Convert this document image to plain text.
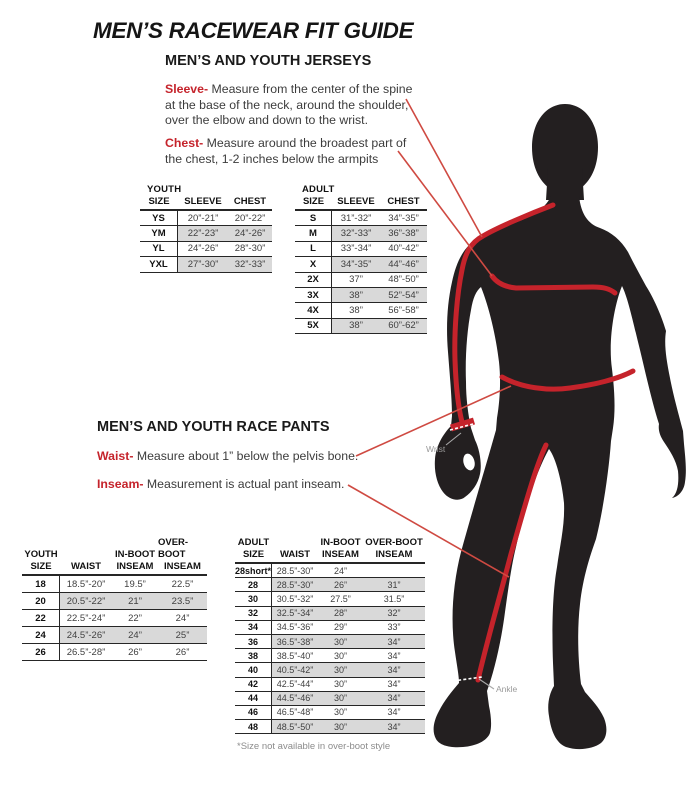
Wrist
Ankle
MEN’S RACEWEAR FIT GUIDE
MEN’S AND YOUTH JERSEYS

Sleeve- Measure from the center of the spine at the base of the neck, around the shoulder, over the elbow and down to the wrist.

Chest- Measure around the broadest part of the chest, 1-2 inches below the armpits

YOUTH
SIZE	SLEEVE	CHEST
YS	20”-21”	20”-22”
YM	22”-23”	24”-26”
YL	24”-26”	28”-30”
YXL	27”-30”	32”-33”
ADULT
SIZE	SLEEVE	CHEST
S	31”-32”	34”-35”
M	32”-33”	36”-38”
L	33”-34”	40”-42”
X	34”-35”	44”-46”
2X	37”	48”-50”
3X	38”	52”-54”
4X	38”	56”-58”
5X	38”	60”-62”
MEN’S AND YOUTH RACE PANTS

Waist- Measure about 1” below the pelvis bone.

Inseam- Measurement is actual pant inseam.

YOUTH
SIZE WAIST
IN-BOOT
INSEAM
OVER-BOOT
INSEAM
18	18.5”-20”	19.5”	22.5”
20	20.5”-22”	21”	23.5”
22	22.5”-24”	22”	24”
24	24.5”-26”	24”	25”
26	26.5”-28”	26”	26”
ADULT
SIZE WAIST
IN-BOOT
INSEAM
OVER-BOOT
INSEAM
28short* 28.5”-30”	24”
28	28.5”-30”	26”	31”
30	30.5”-32”	27.5”	31.5”
32	32.5”-34”	28”	32”
34	34.5”-36”	29”	33”
36	36.5”-38”	30”	34”
38	38.5”-40”	30”	34”
40	40.5”-42”	30”	34”
42	42.5”-44”	30”	34”
44	44.5”-46”	30”	34”
46	46.5”-48”	30”	34”
48	48.5”-50”	30”	34”
*Size not available in over-boot style
